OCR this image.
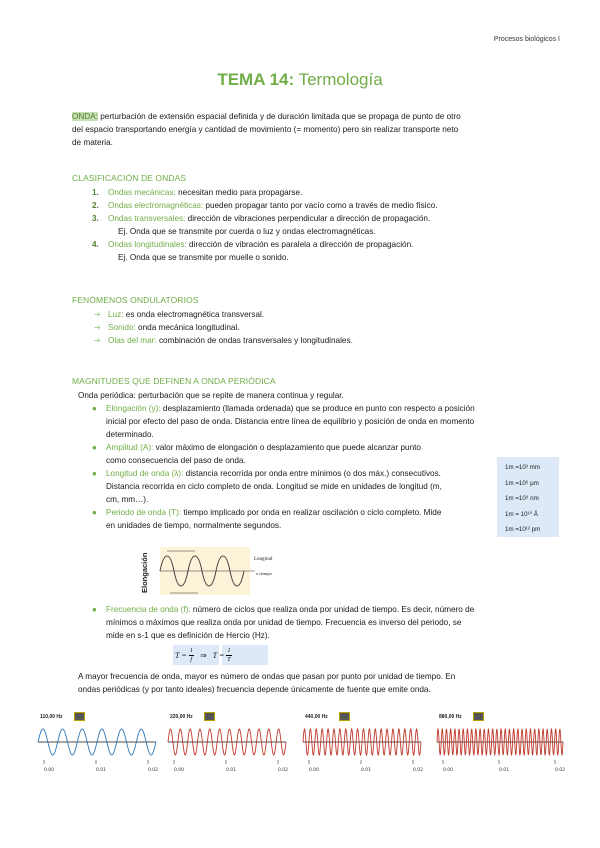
Procesos biológicos I
TEMA 14: Termología
ONDA: perturbación de extensión espacial definida y de duración limitada que se propaga de punto de otro
del espacio transportando energía y cantidad de movimiento (= momento) pero sin realizar transporte neto
de materia.
CLASIFICACIÓN DE ONDAS
1. Ondas mecánicas: necesitan medio para propagarse.
2. Ondas electromagnéticas: pueden propagar tanto por vacío como a través de medio físico.
3. Ondas transversales: dirección de vibraciones perpendicular a dirección de propagación.
Ej. Onda que se transmite por cuerda o luz y ondas electromagnéticas.
4. Ondas longitudinales: dirección de vibración es paralela a dirección de propagación.
Ej. Onda que se transmite por muelle o sonido.
FENÓMENOS ONDULATORIOS
➔ Luz: es onda electromagnética transversal.
➔ Sonido: onda mecánica longitudinal.
➔ Olas del mar: combinación de ondas transversales y longitudinales.
MAGNITUDES QUE DEFINEN A ONDA PERIÓDICA
Onda periódica: perturbación que se repite de manera continua y regular.
● Elongación (y): desplazamiento (llamada ordenada) que se produce en punto con respecto a posición
inicial por efecto del paso de onda. Distancia entre línea de equilibrio y posición de onda en momento
determinado.
● Amplitud (A): valor máximo de elongación o desplazamiento que puede alcanzar punto
como consecuencia del paso de onda.
● Longitud de onda (λ): distancia recorrida por onda entre mínimos (o dos máx.) consecutivos.
Distancia recorrida en ciclo completo de onda. Longitud se mide en unidades de longitud (m,
cm, mm…).
● Periodo de onda (T): tiempo implicado por onda en realizar oscilación o ciclo completo. Mide
en unidades de tiempo, normalmente segundos.
1m =10³ mm
1m =10⁶ μm
1m =10⁹ nm
1m = 10¹⁰ Å
1m =10¹² pm
Elongación	Longitud
o tiempo
● Frecuencia de onda (f): número de ciclos que realiza onda por unidad de tiempo. Es decir, número de
mínimos o máximos que realiza onda por unidad de tiempo. Frecuencia es inverso del periodo, se
mide en s-1 que es definición de Hercio (Hz).
$T = \frac{1}{f}$ ⇒ $T = \frac{1}{T}$
A mayor frecuencia de onda, mayor es número de ondas que pasan por punto por unidad de tiempo. En
ondas periódicas (y por tanto ideales) frecuencia depende únicamente de fuente que emite onda.
110,00 Hz
0.00	0.01	0.02
220,00 Hz
0.00	0.01	0.02
440,00 Hz
0.00	0.01	0.02
880,00 Hz
0.00	0.01	0.02
